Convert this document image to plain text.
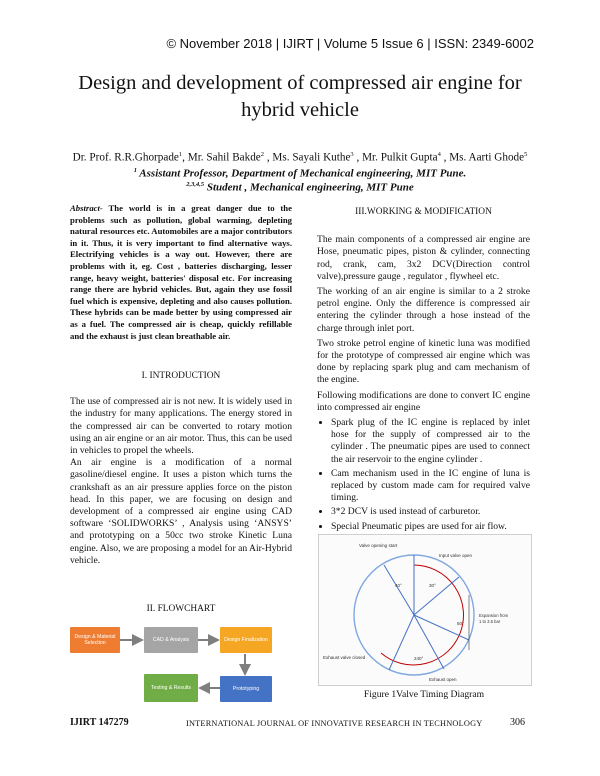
© November 2018 | IJIRT | Volume 5 Issue 6 | ISSN: 2349-6002
Design and development of compressed air engine for
hybrid vehicle
Dr. Prof. R.R.Ghorpade$^1$, Mr. Sahil Bakde$^2$ , Ms. Sayali Kuthe$^3$ , Mr. Pulkit Gupta$^4$ , Ms. Aarti Ghode$^5$
$^1$ Assistant Professor, Department of Mechanical engineering, MIT Pune.
$^{2,3,4,5}$ Student , Mechanical engineering, MIT Pune
Abstract- The world is in a great danger due to the problems such as pollution, global warming, depleting natural resources etc. Automobiles are a major contributors in it. Thus, it is very important to find alternative ways. Electrifying vehicles is a way out. However, there are problems with it, eg. Cost , batteries discharging, lesser range, heavy weight, batteries' disposal etc. For increasing range there are hybrid vehicles. But, again they use fossil fuel which is expensive, depleting and also causes pollution. These hybrids can be made better by using compressed air as a fuel. The compressed air is cheap, quickly refillable and the exhaust is just clean breathable air.

I. INTRODUCTION

The use of compressed air is not new. It is widely used in the industry for many applications. The energy stored in the compressed air can be converted to rotary motion using an air engine or an air motor. Thus, this can be used in vehicles to propel the wheels.

An air engine is a modification of a normal gasoline/diesel engine. It uses a piston which turns the crankshaft as an air pressure applies force on the piston head. In this paper, we are focusing on design and development of a compressed air engine using CAD software ‘SOLIDWORKS’ , Analysis using ‘ANSYS’ and prototyping on a 50cc two stroke Kinetic Luna engine. Also, we are proposing a model for an Air-Hybrid vehicle.

II. FLOWCHART

Design & Material Selection
CAD & Analysis	Design Finalization
Prototyping
Testing & Results

III.WORKING & MODIFICATION

The main components of a compressed air engine are Hose, pneumatic pipes, piston & cylinder, connecting rod, crank, cam, 3x2 DCV(Direction control valve),pressure gauge , regulator , flywheel etc.

The working of an air engine is similar to a 2 stroke petrol engine. Only the difference is compressed air entering the cylinder through a hose instead of the charge through inlet port.

Two stroke petrol engine of kinetic luna was modified for the prototype of compressed air engine which was done by replacing spark plug and cam mechanism of the engine.

Following modifications are done to convert IC engine into compressed air engine

• Spark plug of the IC engine is replaced by inlet hose for the supply of compressed air to the cylinder . The pneumatic pipes are used to connect the air reservoir to the engine cylinder .
• Cam mechanism used in the IC engine of luna is replaced by custom made cam for required valve timing.
• 3*2 DCV is used instead of carburetor.
• Special Pneumatic pipes are used for air flow.
Valve opening start
Input valve open
Expansion from
1 to 3.5 bar
Exhaust valve closed
Exhaust open
40°	30°
240°
50°
Figure 1Valve Timing Diagram
IJIRT 147279	INTERNATIONAL JOURNAL OF INNOVATIVE RESEARCH IN TECHNOLOGY	306
